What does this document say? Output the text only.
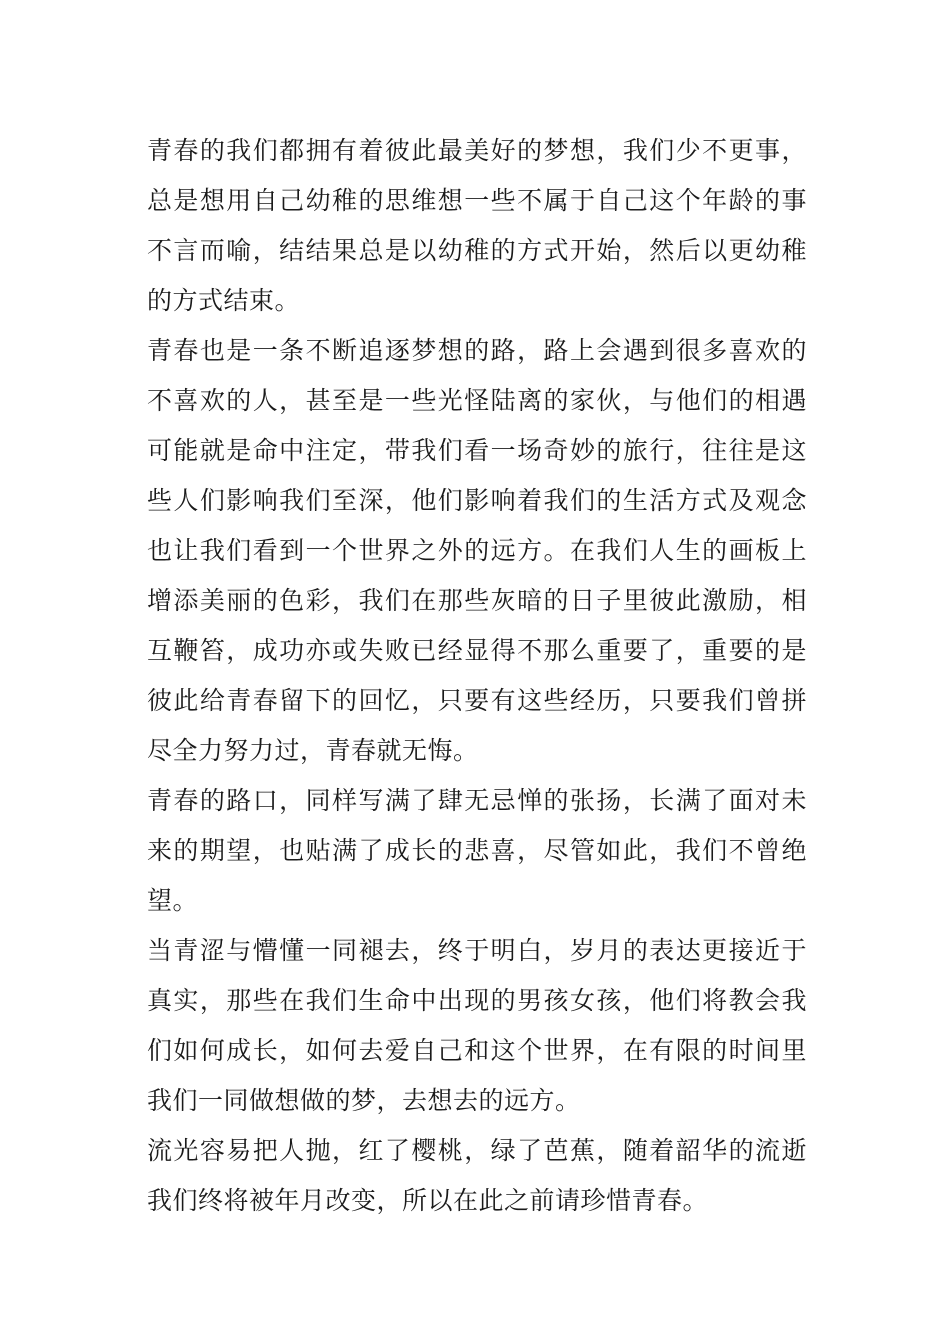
青春的我们都拥有着彼此最美好的梦想，我们少不更事，
总是想用自己幼稚的思维想一些不属于自己这个年龄的事
不言而喻，结结果总是以幼稚的方式开始，然后以更幼稚
的方式结束。
青春也是一条不断追逐梦想的路，路上会遇到很多喜欢的
不喜欢的人，甚至是一些光怪陆离的家伙，与他们的相遇
可能就是命中注定，带我们看一场奇妙的旅行，往往是这
些人们影响我们至深，他们影响着我们的生活方式及观念
也让我们看到一个世界之外的远方。在我们人生的画板上
增添美丽的色彩，我们在那些灰暗的日子里彼此激励，相
互鞭笞，成功亦或失败已经显得不那么重要了，重要的是
彼此给青春留下的回忆，只要有这些经历，只要我们曾拼
尽全力努力过，青春就无悔。
青春的路口，同样写满了肆无忌惮的张扬，长满了面对未
来的期望，也贴满了成长的悲喜，尽管如此，我们不曾绝
望。
当青涩与懵懂一同褪去，终于明白，岁月的表达更接近于
真实，那些在我们生命中出现的男孩女孩，他们将教会我
们如何成长，如何去爱自己和这个世界，在有限的时间里
我们一同做想做的梦，去想去的远方。
流光容易把人抛，红了樱桃，绿了芭蕉，随着韶华的流逝
我们终将被年月改变，所以在此之前请珍惜青春。
